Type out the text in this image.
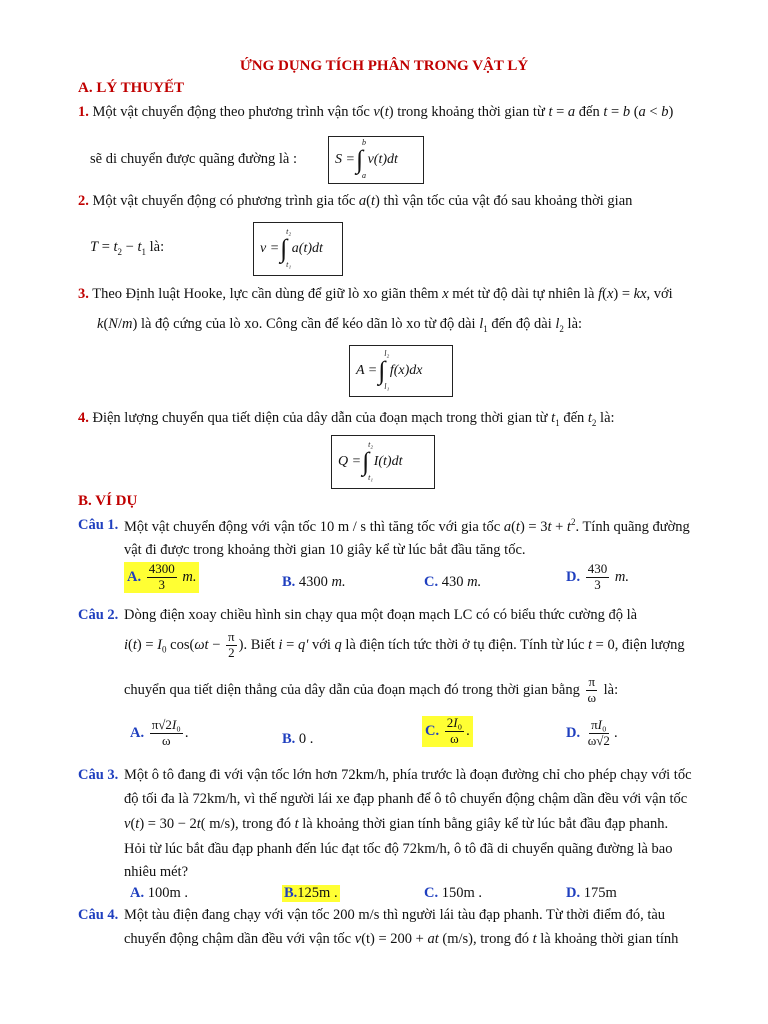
ỨNG DỤNG TÍCH PHÂN TRONG VẬT LÝ
A. LÝ THUYẾT
1. Một vật chuyển động theo phương trình vận tốc v(t) trong khoảng thời gian từ t = a đến t = b (a < b)
sẽ di chuyển được quãng đường là :	S = ∫
b
a
v(t)dt
2. Một vật chuyển động có phương trình gia tốc a(t) thì vận tốc của vật đó sau khoảng thời gian
$T = t_2 - t_1$ là:	v = ∫
t₂
t₁
a(t)dt
3. Theo Định luật Hooke, lực cần dùng để giữ lò xo giãn thêm x mét từ độ dài tự nhiên là f(x) = kx, với
k(N/m) là độ cứng của lò xo. Công cần để kéo dãn lò xo từ độ dài $l_1$ đến độ dài $l_2$ là:
A = ∫
l₂
l₁
f(x)dx
4. Điện lượng chuyển qua tiết diện của dây dẫn của đoạn mạch trong thời gian từ $t_1$ đến $t_2$ là:
Q = ∫
t₂
t₁
I(t)dt
B. VÍ DỤ
Câu 1. Một vật chuyển động với vận tốc 10 m / s thì tăng tốc với gia tốc $a(t) = 3t + t^2$. Tính quãng đường
vật đi được trong khoảng thời gian 10 giây kể từ lúc bắt đầu tăng tốc.
A. $\frac{4300}{3} m$.	B. 4300 m.	C. 430 m.	D. $\frac{430}{3} m$.
Câu 2. Dòng điện xoay chiều hình sin chạy qua một đoạn mạch LC có có biểu thức cường độ là
$i(t) = I_0$ $\cos(\omega t - \frac{\pi}{2}$ ). Biết i = q' với q là điện tích tức thời ở tụ điện. Tính từ lúc t = 0, điện lượng
chuyển qua tiết diện thẳng của dây dẫn của đoạn mạch đó trong thời gian bằng $\frac{\pi}{\omega}$ là:
A. $\frac{\text{π√2I₀}}{\omega}$ .	B. 0 .
C. $\frac{\text{2I₀}}{\omega}$ .	D. $\frac{\text{πI₀}}{\omega√2}$ .
Câu 3. Một ô tô đang đi với vận tốc lớn hơn 72km/h, phía trước là đoạn đường chỉ cho phép chạy với tốc
độ tối đa là 72km/h, vì thế người lái xe đạp phanh để ô tô chuyển động chậm dần đều với vận tốc
v(t) = 30 − 2t( m/s), trong đó t là khoảng thời gian tính bằng giây kể từ lúc bắt đầu đạp phanh.
Hỏi từ lúc bắt đầu đạp phanh đến lúc đạt tốc độ 72km/h, ô tô đã di chuyển quãng đường là bao
nhiêu mét?
A. 100m .	B.125m .	C. 150m .	D. 175m
Câu 4. Một tàu điện đang chạy với vận tốc 200 m/s thì người lái tàu đạp phanh. Từ thời điểm đó, tàu
chuyển động chậm dần đều với vận tốc v(t) = 200 + at (m/s), trong đó t là khoảng thời gian tính
